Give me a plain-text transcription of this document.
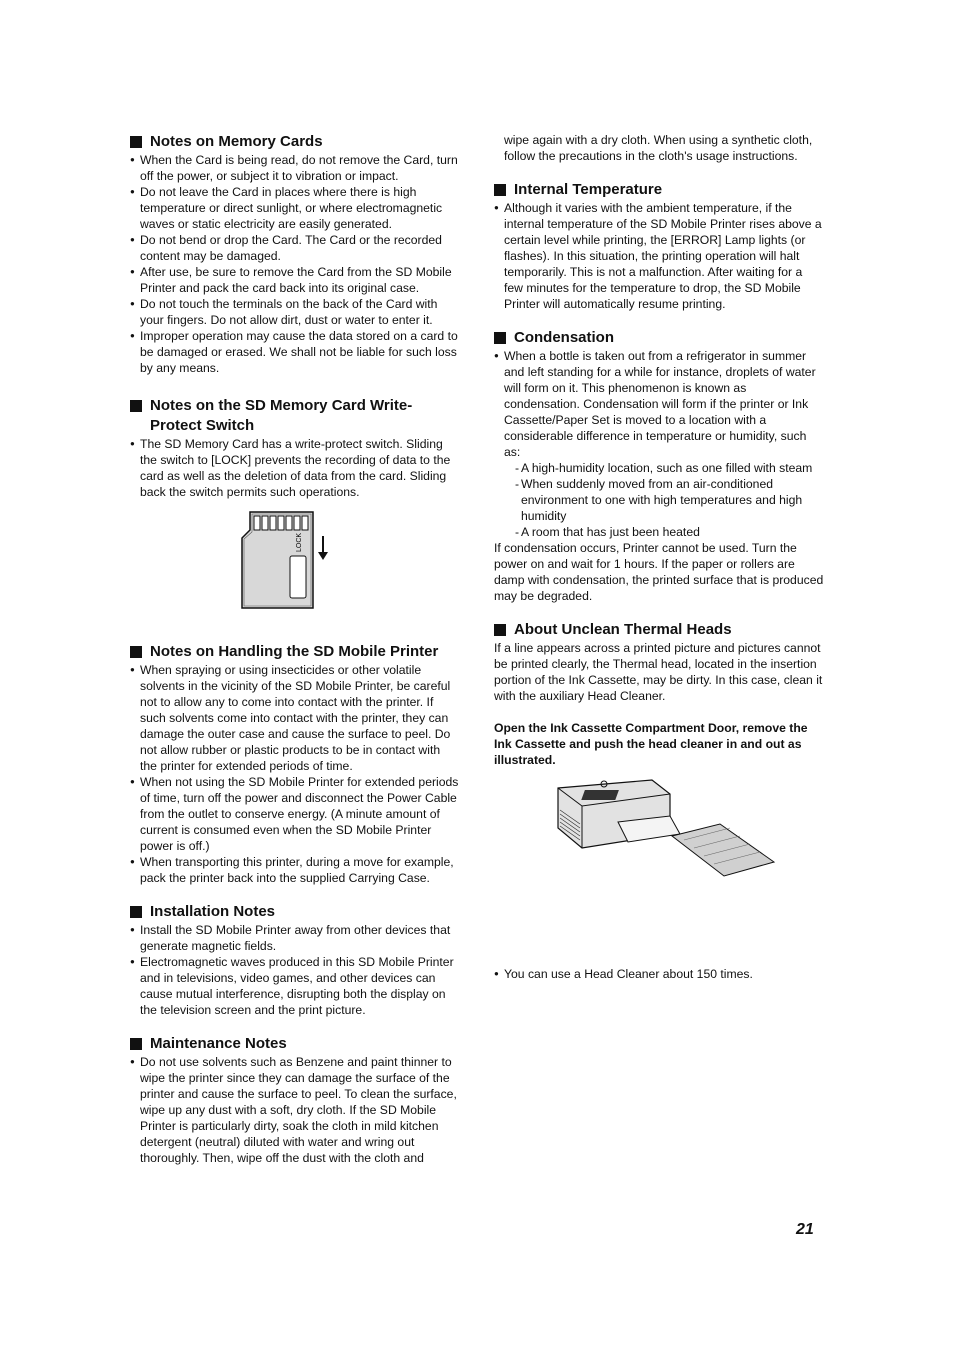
Notes on Memory Cards
● When the Card is being read, do not remove the Card, turn off the power, or subject it to vibration or impact.
● Do not leave the Card in places where there is high temperature or direct sunlight, or where electromagnetic waves or static electricity are easily generated.
● Do not bend or drop the Card. The Card or the recorded content may be damaged.
● After use, be sure to remove the Card from the SD Mobile Printer and pack the card back into its original case.
● Do not touch the terminals on the back of the Card with your fingers. Do not allow dirt, dust or water to enter it.
● Improper operation may cause the data stored on a card to be damaged or erased. We shall not be liable for such loss by any means.
Notes on the SD Memory Card Write-Protect Switch
● The SD Memory Card has a write-protect switch. Sliding the switch to [LOCK] prevents the recording of data to the card as well as the deletion of data from the card. Sliding back the switch permits such operations.
LOCK
Notes on Handling the SD Mobile Printer
● When spraying or using insecticides or other volatile solvents in the vicinity of the SD Mobile Printer, be careful not to allow any to come into contact with the printer. If such solvents come into contact with the printer, they can damage the outer case and cause the surface to peel. Do not allow rubber or plastic products to be in contact with the printer for extended periods of time.
● When not using the SD Mobile Printer for extended periods of time, turn off the power and disconnect the Power Cable from the outlet to conserve energy. (A minute amount of current is consumed even when the SD Mobile Printer power is off.)
● When transporting this printer, during a move for example, pack the printer back into the supplied Carrying Case.
Installation Notes
● Install the SD Mobile Printer away from other devices that generate magnetic fields.
● Electromagnetic waves produced in this SD Mobile Printer and in televisions, video games, and other devices can cause mutual interference, disrupting both the display on the television screen and the print picture.
Maintenance Notes
● Do not use solvents such as Benzene and paint thinner to wipe the printer since they can damage the surface of the printer and cause the surface to peel. To clean the surface, wipe up any dust with a soft, dry cloth. If the SD Mobile Printer is particularly dirty, soak the cloth in mild kitchen detergent (neutral) diluted with water and wring out thoroughly. Then, wipe off the dust with the cloth and

wipe again with a dry cloth. When using a synthetic cloth, follow the precautions in the cloth's usage instructions.

Internal Temperature
● Although it varies with the ambient temperature, if the internal temperature of the SD Mobile Printer rises above a certain level while printing, the [ERROR] Lamp lights (or flashes). In this situation, the printing operation will halt temporarily. This is not a malfunction. After waiting for a few minutes for the temperature to drop, the SD Mobile Printer will automatically resume printing.
Condensation
● When a bottle is taken out from a refrigerator in summer and left standing for a while for instance, droplets of water will form on it. This phenomenon is known as condensation. Condensation will form if the printer or Ink Cassette/Paper Set is moved to a location with a considerable difference in temperature or humidity, such as:
- A high-humidity location, such as one filled with steam
- When suddenly moved from an air-conditioned environment to one with high temperatures and high humidity
- A room that has just been heated

If condensation occurs, Printer cannot be used. Turn the power on and wait for 1 hours. If the paper or rollers are damp with condensation, the printed surface that is produced may be degraded.

About Unclean Thermal Heads

If a line appears across a printed picture and pictures cannot be printed clearly, the Thermal head, located in the insertion portion of the Ink Cassette, may be dirty. In this case, clean it with the auxiliary Head Cleaner.

Open the Ink Cassette Compartment Door, remove the Ink Cassette and push the head cleaner in and out as illustrated.

● You can use a Head Cleaner about 150 times.
21
